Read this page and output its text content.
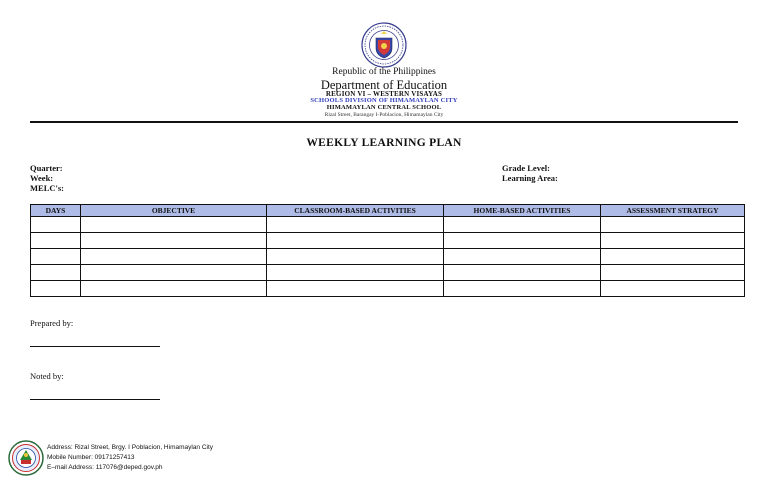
Republic of the Philippines
Department of Education
REGION VI – WESTERN VISAYAS
SCHOOLS DIVISION OF HIMAMAYLAN CITY
HIMAMAYLAN CENTRAL SCHOOL
Rizal Street, Barangay I-Poblacion, Himamaylan City
WEEKLY LEARNING PLAN
Quarter:
Week:
MELC's:
Grade Level:
Learning Area:
DAYS	OBJECTIVE	CLASSROOM-BASED ACTIVITIES	HOME-BASED ACTIVITIES	ASSESSMENT STRATEGY

Prepared by:
Noted by:
Address: Rizal Street, Brgy. I Poblacion, Himamaylan City
Mobile Number: 09171257413
E–mail Address: 117076@deped.gov.ph
